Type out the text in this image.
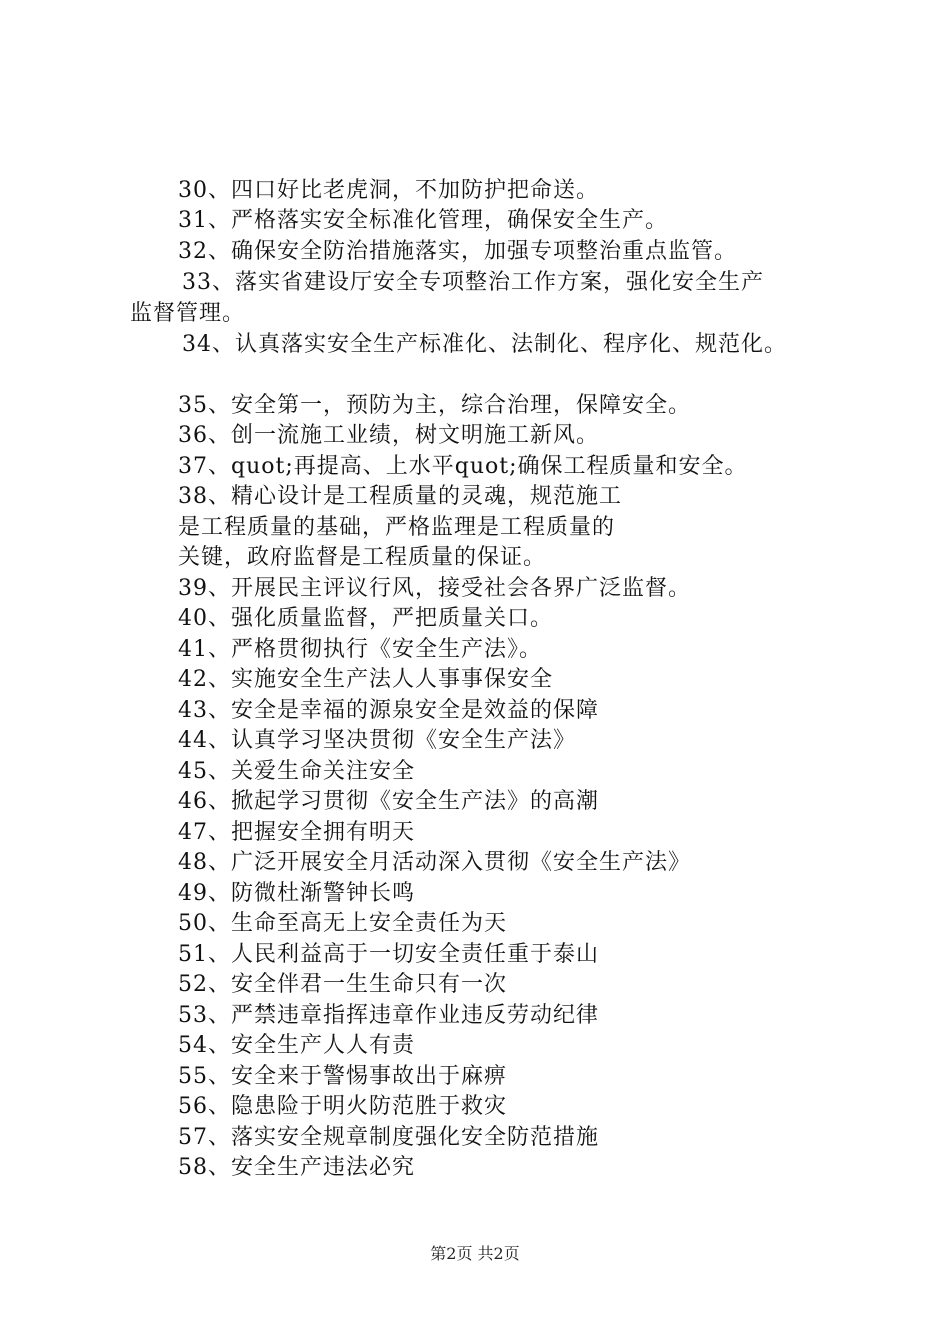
30、四口好比老虎洞，不加防护把命送。
31、严格落实安全标准化管理，确保安全生产。
32、确保安全防治措施落实，加强专项整治重点监管。
33、落实省建设厅安全专项整治工作方案，强化安全生产
监督管理。
34、认真落实安全生产标准化、法制化、程序化、规范化。
35、安全第一，预防为主，综合治理，保障安全。
36、创一流施工业绩，树文明施工新风。
37、quot;再提高、上水平quot;确保工程质量和安全。
38、精心设计是工程质量的灵魂，规范施工
是工程质量的基础，严格监理是工程质量的
关键，政府监督是工程质量的保证。
39、开展民主评议行风，接受社会各界广泛监督。
40、强化质量监督，严把质量关口。
41、严格贯彻执行《安全生产法》。
42、实施安全生产法人人事事保安全
43、安全是幸福的源泉安全是效益的保障
44、认真学习坚决贯彻《安全生产法》
45、关爱生命关注安全
46、掀起学习贯彻《安全生产法》的高潮
47、把握安全拥有明天
48、广泛开展安全月活动深入贯彻《安全生产法》
49、防微杜渐警钟长鸣
50、生命至高无上安全责任为天
51、人民利益高于一切安全责任重于泰山
52、安全伴君一生生命只有一次
53、严禁违章指挥违章作业违反劳动纪律
54、安全生产人人有责
55、安全来于警惕事故出于麻痹
56、隐患险于明火防范胜于救灾
57、落实安全规章制度强化安全防范措施
58、安全生产违法必究
第2页 共2页
